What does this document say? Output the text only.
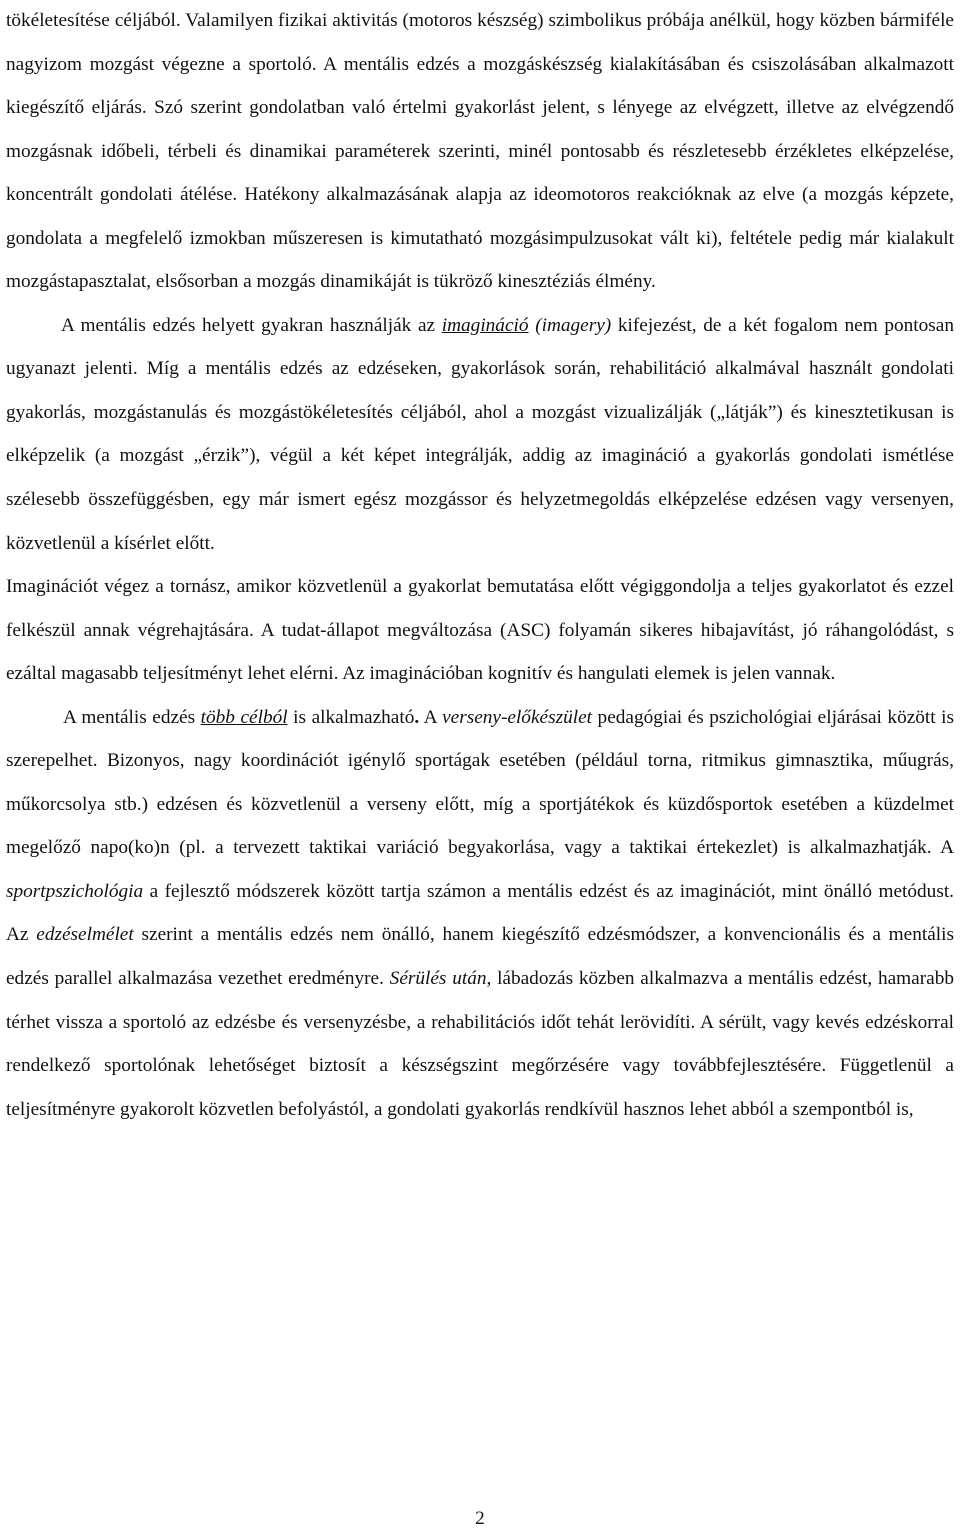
tökéletesítése céljából. Valamilyen fizikai aktivitás (motoros készség) szimbolikus próbája anélkül, hogy közben bármiféle nagyizom mozgást végezne a sportoló. A mentális edzés a mozgáskészség kialakításában és csiszolásában alkalmazott kiegészítő eljárás. Szó szerint gondolatban való értelmi gyakorlást jelent, s lényege az elvégzett, illetve az elvégzendő mozgásnak időbeli, térbeli és dinamikai paraméterek szerinti, minél pontosabb és részletesebb érzékletes elképzelése, koncentrált gondolati átélése. Hatékony alkalmazásának alapja az ideomotoros reakcióknak az elve (a mozgás képzete, gondolata a megfelelő izmokban műszeresen is kimutatható mozgásimpulzusokat vált ki), feltétele pedig már kialakult mozgástapasztalat, elsősorban a mozgás dinamikáját is tükröző kinesztéziás élmény.

A mentális edzés helyett gyakran használják az imagináció (imagery) kifejezést, de a két fogalom nem pontosan ugyanazt jelenti. Míg a mentális edzés az edzéseken, gyakorlások során, rehabilitáció alkalmával használt gondolati gyakorlás, mozgástanulás és mozgástökéletesítés céljából, ahol a mozgást vizualizálják („látják”) és kinesztetikusan is elképzelik (a mozgást „érzik”), végül a két képet integrálják, addig az imagináció a gyakorlás gondolati ismétlése szélesebb összefüggésben, egy már ismert egész mozgássor és helyzetmegoldás elképzelése edzésen vagy versenyen, közvetlenül a kísérlet előtt.

Imaginációt végez a tornász, amikor közvetlenül a gyakorlat bemutatása előtt végiggondolja a teljes gyakorlatot és ezzel felkészül annak végrehajtására. A tudat-állapot megváltozása (ASC) folyamán sikeres hibajavítást, jó ráhangolódást, s ezáltal magasabb teljesítményt lehet elérni. Az imaginációban kognitív és hangulati elemek is jelen vannak.

A mentális edzés több célból is alkalmazható. A verseny-előkészület pedagógiai és pszichológiai eljárásai között is szerepelhet. Bizonyos, nagy koordinációt igénylő sportágak esetében (például torna, ritmikus gimnasztika, műugrás, műkorcsolya stb.) edzésen és közvetlenül a verseny előtt, míg a sportjátékok és küzdősportok esetében a küzdelmet megelőző napo(ko)n (pl. a tervezett taktikai variáció begyakorlása, vagy a taktikai értekezlet) is alkalmazhatják. A sportpszichológia a fejlesztő módszerek között tartja számon a mentális edzést és az imaginációt, mint önálló metódust. Az edzéselmélet szerint a mentális edzés nem önálló, hanem kiegészítő edzésmódszer, a konvencionális és a mentális edzés parallel alkalmazása vezethet eredményre. Sérülés után, lábadozás közben alkalmazva a mentális edzést, hamarabb térhet vissza a sportoló az edzésbe és versenyzésbe, a rehabilitációs időt tehát lerövidíti. A sérült, vagy kevés edzéskorral rendelkező sportolónak lehetőséget biztosít a készségszint megőrzésére vagy továbbfejlesztésére. Függetlenül a teljesítményre gyakorolt közvetlen befolyástól, a gondolati gyakorlás rendkívül hasznos lehet abból a szempontból is,

2
